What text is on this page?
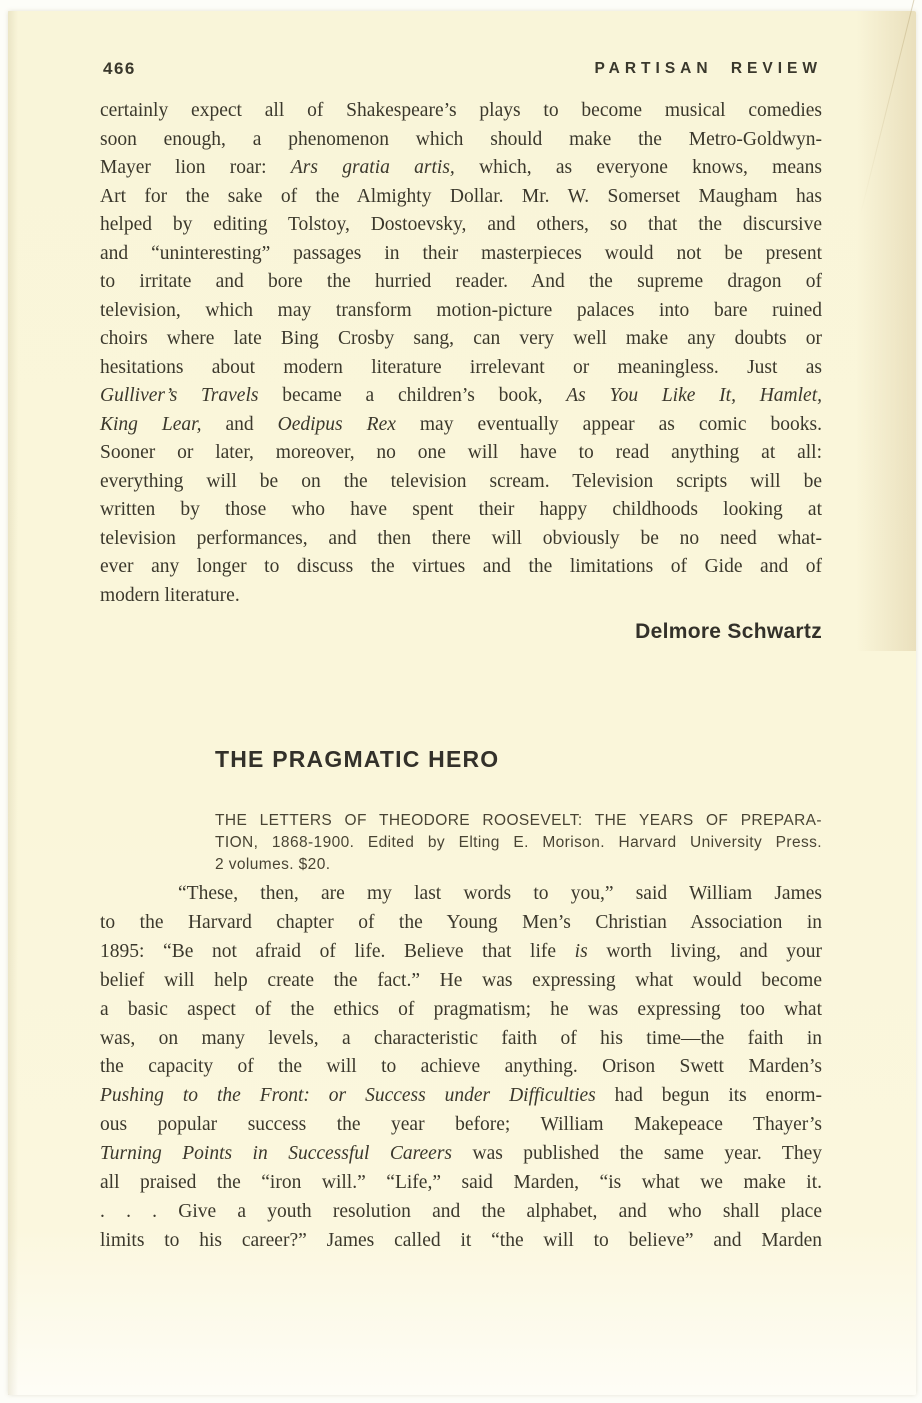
466	PARTISAN REVIEW
certainly expect all of Shakespeare’s plays to become musical comedies
soon enough, a phenomenon which should make the Metro-Goldwyn-
Mayer lion roar: Ars gratia artis, which, as everyone knows, means
Art for the sake of the Almighty Dollar. Mr. W. Somerset Maugham has
helped by editing Tolstoy, Dostoevsky, and others, so that the discursive
and “uninteresting” passages in their masterpieces would not be present
to irritate and bore the hurried reader. And the supreme dragon of
television, which may transform motion-picture palaces into bare ruined
choirs where late Bing Crosby sang, can very well make any doubts or
hesitations about modern literature irrelevant or meaningless. Just as
Gulliver’s Travels became a children’s book, As You Like It, Hamlet,
King Lear, and Oedipus Rex may eventually appear as comic books.
Sooner or later, moreover, no one will have to read anything at all:
everything will be on the television scream. Television scripts will be
written by those who have spent their happy childhoods looking at
television performances, and then there will obviously be no need what-
ever any longer to discuss the virtues and the limitations of Gide and of
modern literature.
Delmore Schwartz
THE PRAGMATIC HERO
THE LETTERS OF THEODORE ROOSEVELT: THE YEARS OF PREPARA-
TION, 1868-1900. Edited by Elting E. Morison. Harvard University Press.
2 volumes. $20.
“These, then, are my last words to you,” said William James
to the Harvard chapter of the Young Men’s Christian Association in
1895: “Be not afraid of life. Believe that life is worth living, and your
belief will help create the fact.” He was expressing what would become
a basic aspect of the ethics of pragmatism; he was expressing too what
was, on many levels, a characteristic faith of his time—the faith in
the capacity of the will to achieve anything. Orison Swett Marden’s
Pushing to the Front: or Success under Difficulties had begun its enorm-
ous popular success the year before; William Makepeace Thayer’s
Turning Points in Successful Careers was published the same year. They
all praised the “iron will.” “Life,” said Marden, “is what we make it.
. . . Give a youth resolution and the alphabet, and who shall place
limits to his career?” James called it “the will to believe” and Marden
